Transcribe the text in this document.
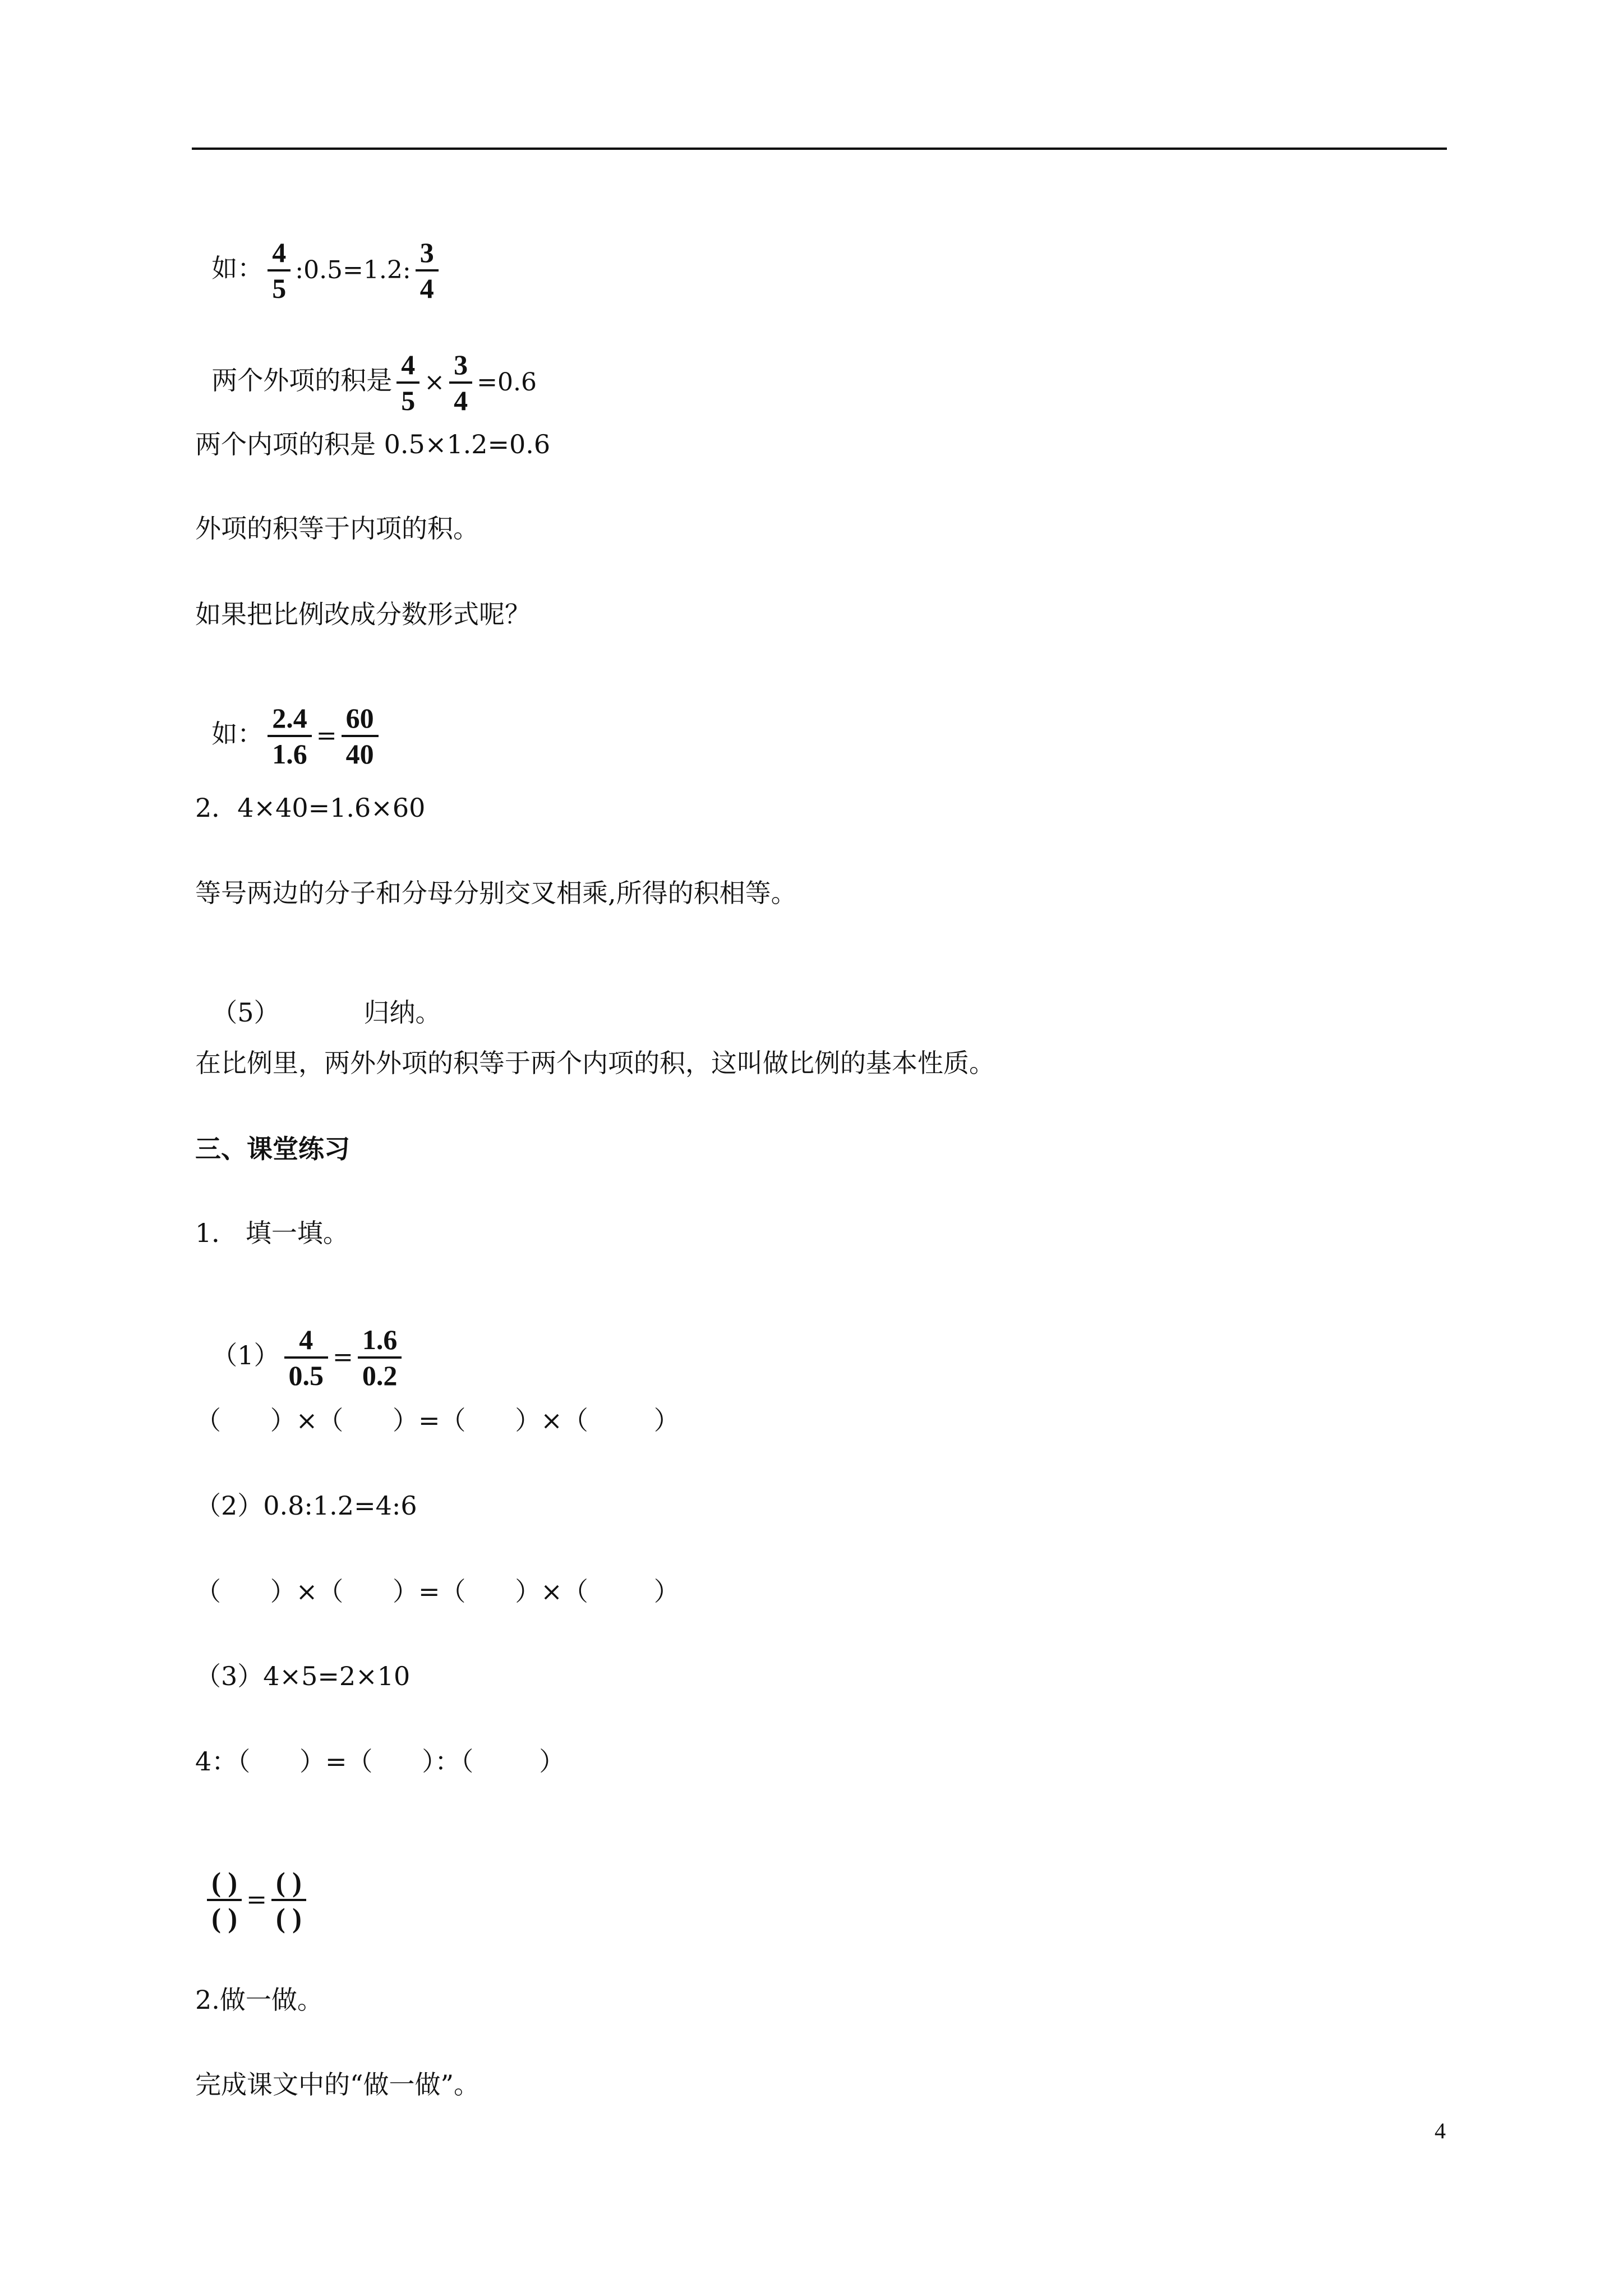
如： $\frac{4}{5}$ :0.5=1.2: $\frac{3}{4}$

两个外项的积是 $\frac{4}{5} \times \frac{3}{4} =0.6$

两个内项的积是 0.5×1.2=0.6
外项的积等于内项的积。
如果把比例改成分数形式呢？

如： $\frac{2.4}{1.6} = \frac{60}{40}$

2．4×40=1.6×60
等号两边的分子和分母分别交叉相乘,所得的积相等。

（5）	归纳。

在比例里，两外外项的积等于两个内项的积，这叫做比例的基本性质。
三、课堂练习
1． 填一填。

$(1) \frac{4}{0.5} = \frac{1.6}{0.2}$

（      ）×（      ）=（      ）×（        ）
（2）0.8:1.2=4:6
（      ）×（      ）=（      ）×（        ）
（3）4×5=2×10
4：（      ）=（      ）：（        ）

$\frac{( )}{( )} = \frac{( )}{( )}$

2.做一做。
完成课文中的“做一做”。
4
